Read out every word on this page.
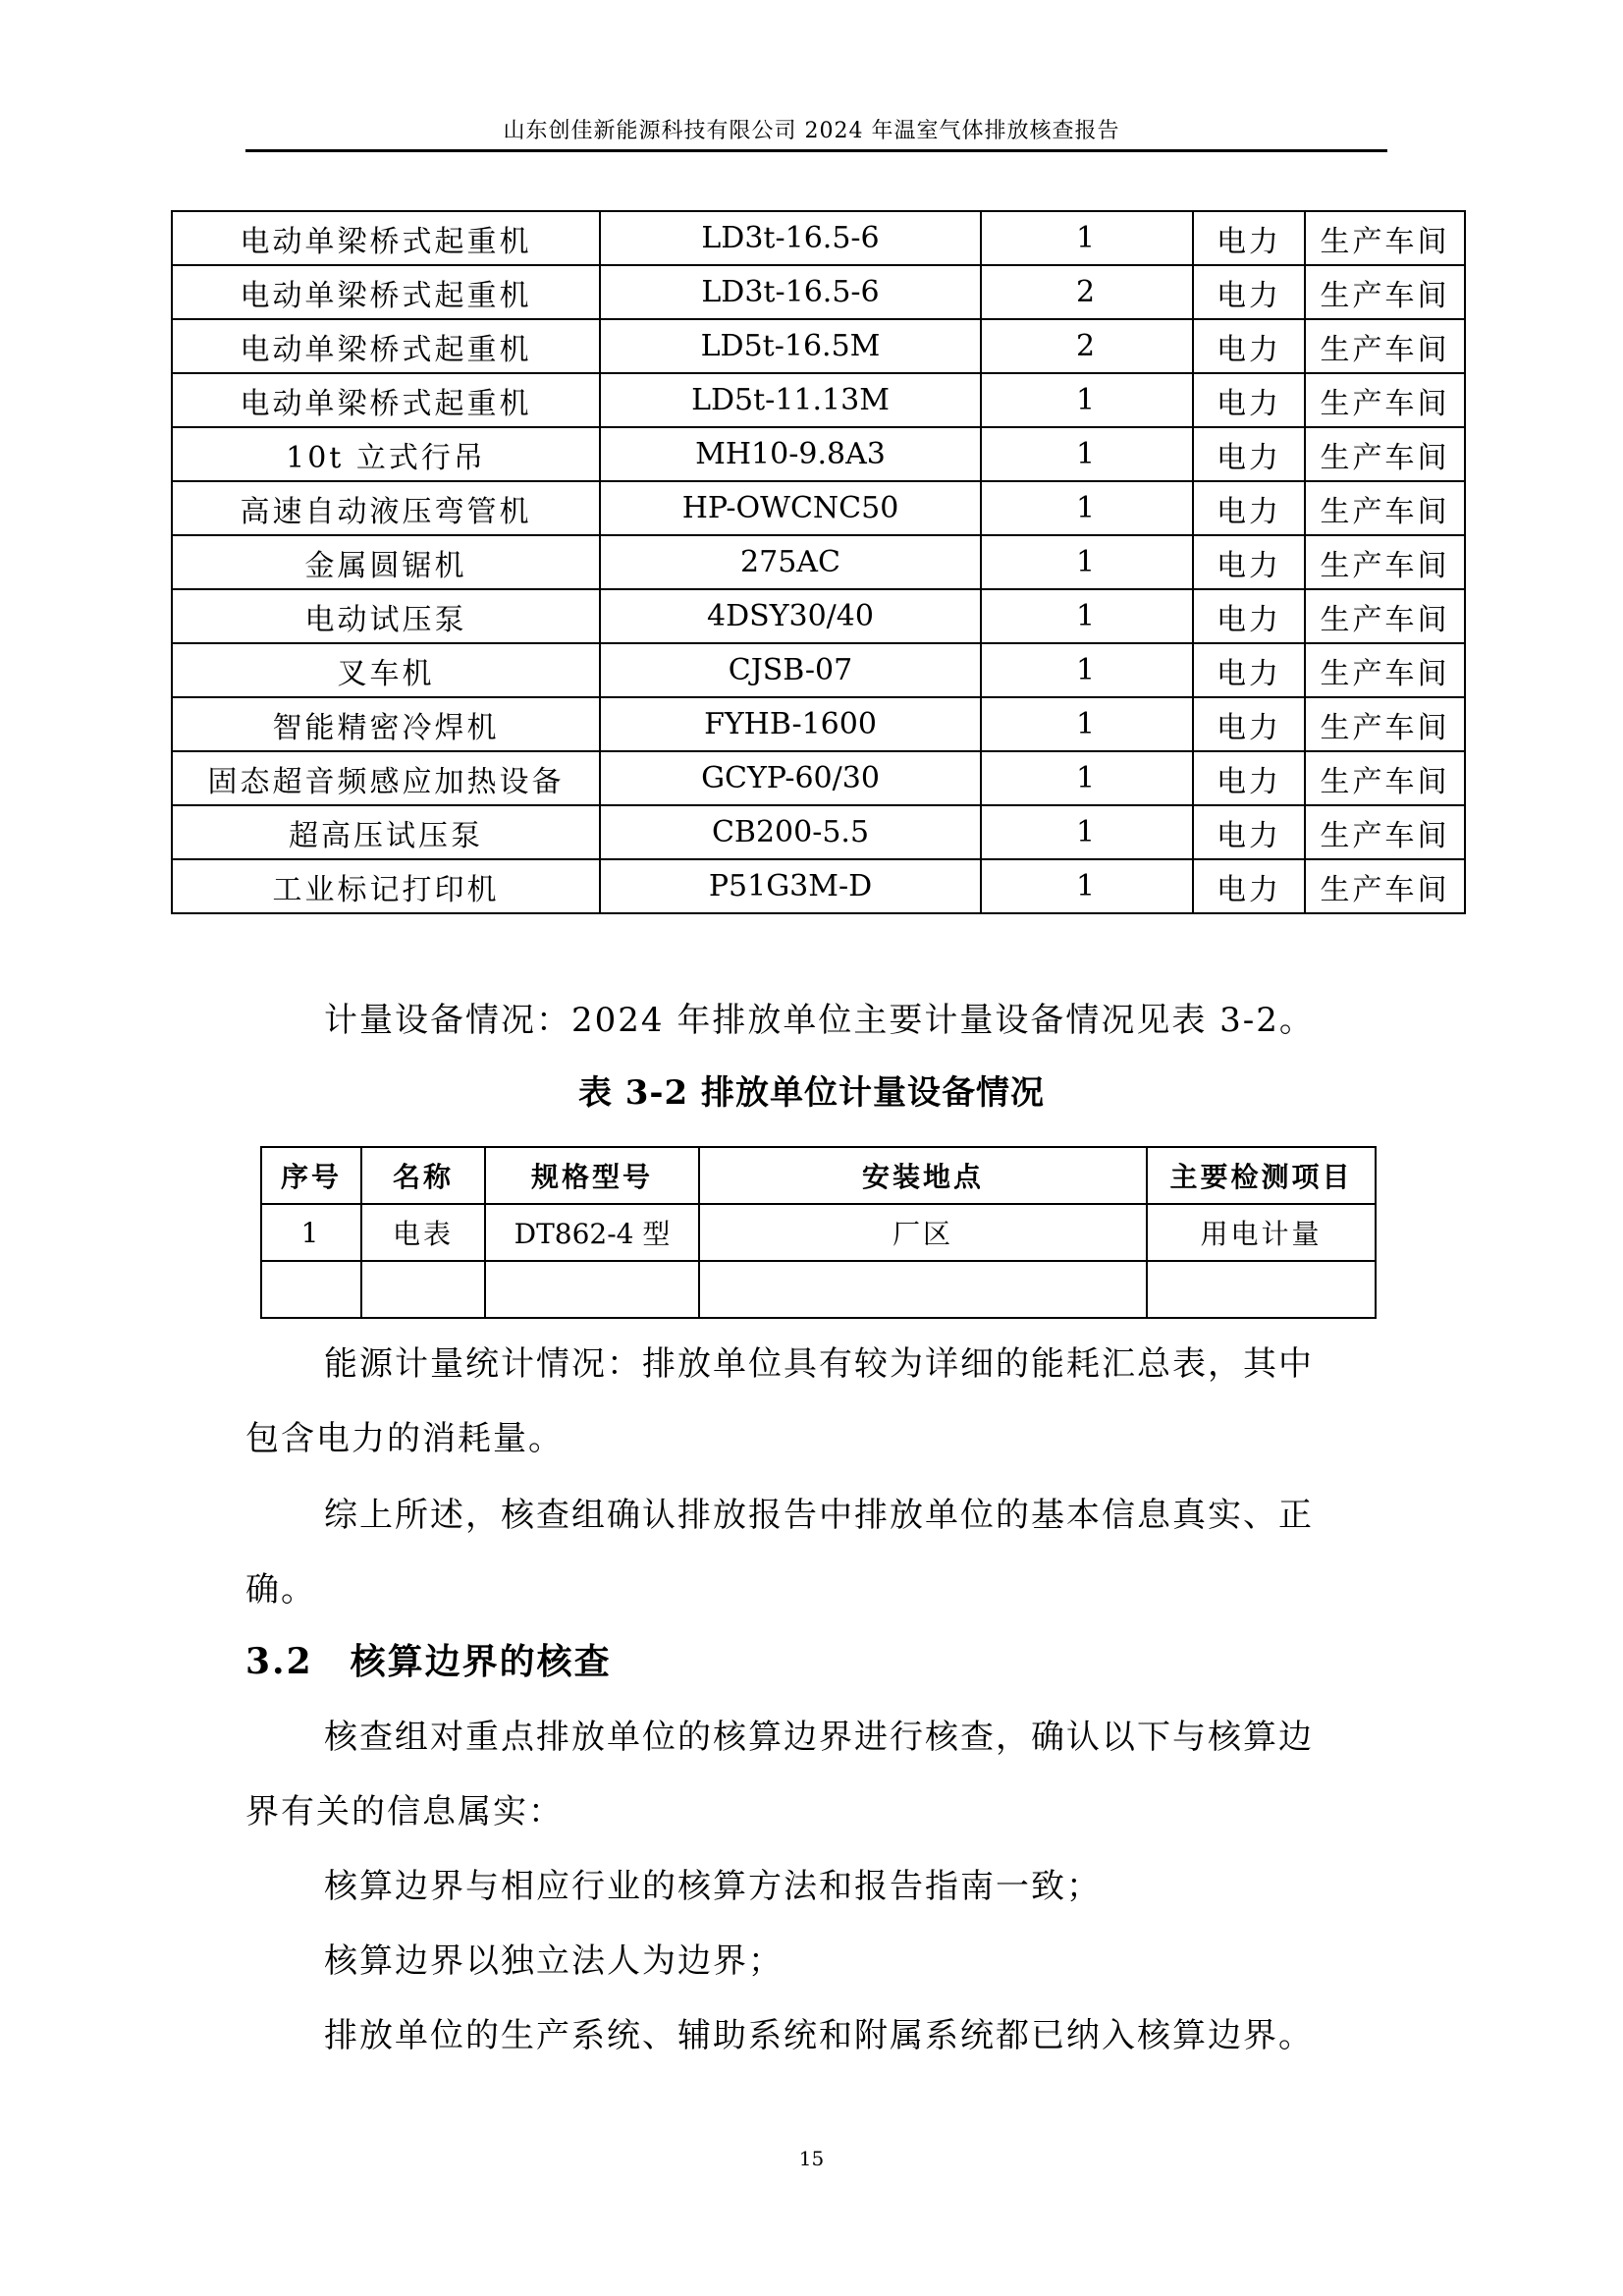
山东创佳新能源科技有限公司 2024 年温室气体排放核查报告
电动单梁桥式起重机	LD3t-16.5-6	1	电力	生产车间
电动单梁桥式起重机	LD3t-16.5-6	2	电力	生产车间
电动单梁桥式起重机	LD5t-16.5M	2	电力	生产车间
电动单梁桥式起重机	LD5t-11.13M	1	电力	生产车间
10t 立式行吊	MH10-9.8A3	1	电力	生产车间
高速自动液压弯管机	HP-OWCNC50	1	电力	生产车间
金属圆锯机	275AC	1	电力	生产车间
电动试压泵	4DSY30/40	1	电力	生产车间
叉车机	CJSB-07	1	电力	生产车间
智能精密冷焊机	FYHB-1600	1	电力	生产车间
固态超音频感应加热设备	GCYP-60/30	1	电力	生产车间
超高压试压泵	CB200-5.5	1	电力	生产车间
工业标记打印机	P51G3M-D	1	电力	生产车间
计量设备情况：2024 年排放单位主要计量设备情况见表 3-2。
表 3-2 排放单位计量设备情况
序号	名称	规格型号	安装地点	主要检测项目
1	电表	DT862-4 型	厂区	用电计量

能源计量统计情况：排放单位具有较为详细的能耗汇总表，其中
包含电力的消耗量。
综上所述，核查组确认排放报告中排放单位的基本信息真实、正
确。
3.2 核算边界的核查
核查组对重点排放单位的核算边界进行核查，确认以下与核算边
界有关的信息属实：
核算边界与相应行业的核算方法和报告指南一致；
核算边界以独立法人为边界；
排放单位的生产系统、辅助系统和附属系统都已纳入核算边界。
15
